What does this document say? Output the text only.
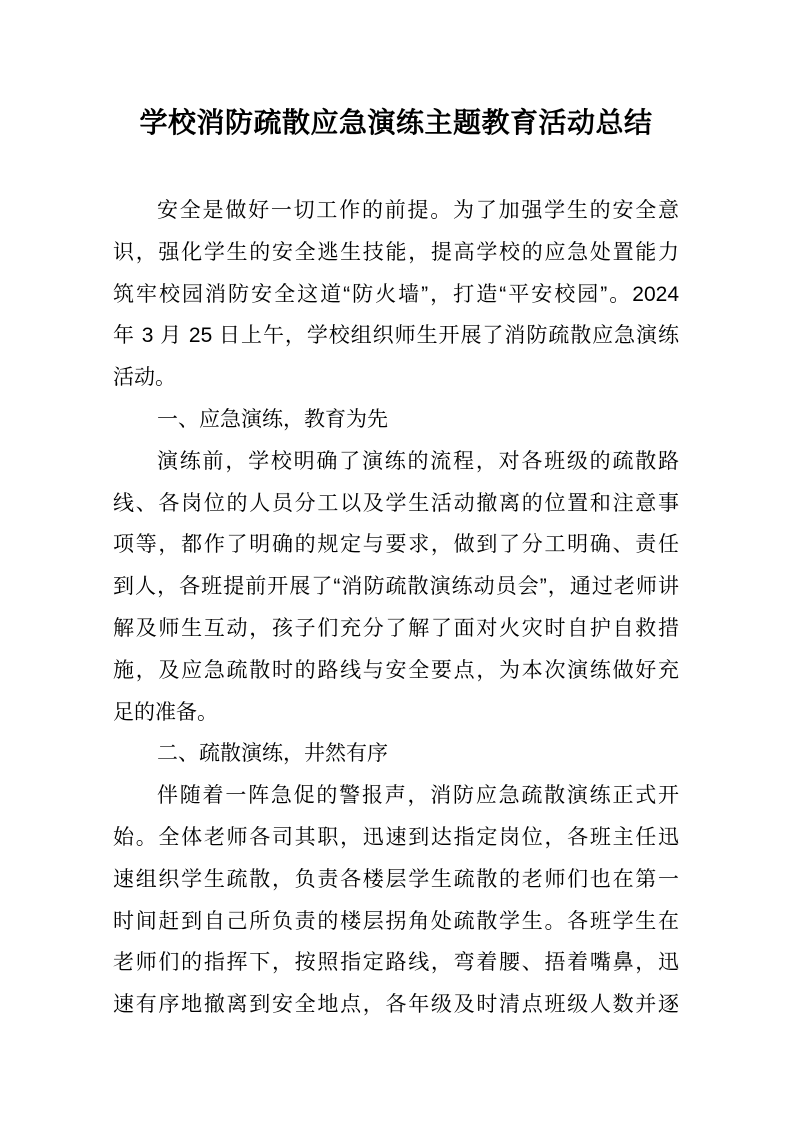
学校消防疏散应急演练主题教育活动总结
安全是做好一切工作的前提。为了加强学生的安全意
识，强化学生的安全逃生技能，提高学校的应急处置能力
筑牢校园消防安全这道“防火墙”，打造“平安校园”。2024
年 3 月 25 日上午，学校组织师生开展了消防疏散应急演练
活动。
一、应急演练，教育为先
演练前，学校明确了演练的流程，对各班级的疏散路
线、各岗位的人员分工以及学生活动撤离的位置和注意事
项等，都作了明确的规定与要求，做到了分工明确、责任
到人，各班提前开展了“消防疏散演练动员会”，通过老师讲
解及师生互动，孩子们充分了解了面对火灾时自护自救措
施，及应急疏散时的路线与安全要点，为本次演练做好充
足的准备。
二、疏散演练，井然有序
伴随着一阵急促的警报声，消防应急疏散演练正式开
始。全体老师各司其职，迅速到达指定岗位，各班主任迅
速组织学生疏散，负责各楼层学生疏散的老师们也在第一
时间赶到自己所负责的楼层拐角处疏散学生。各班学生在
老师们的指挥下，按照指定路线，弯着腰、捂着嘴鼻，迅
速有序地撤离到安全地点，各年级及时清点班级人数并逐
